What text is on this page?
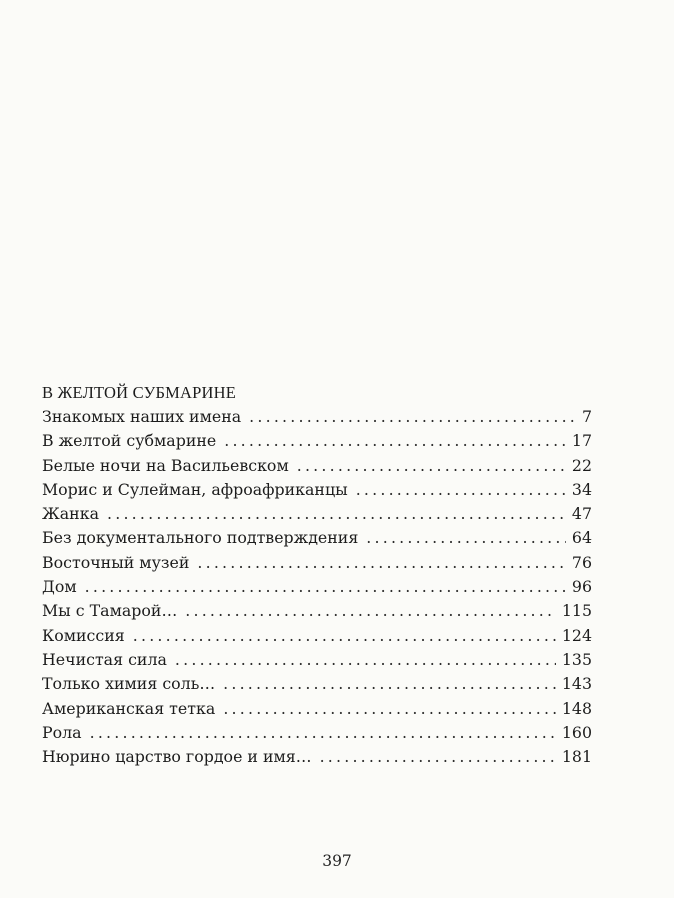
В ЖЕЛТОЙ СУБМАРИНЕ
Знакомых наших имена .....	7
В желтой субмарине .....	17
Белые ночи на Васильевском .....	22
Морис и Сулейман, афроафриканцы .....	34
Жанка .....	47
Без документального подтверждения .....	64
Восточный музей .....	76
Дом .....	96
Мы с Тамарой… .....	115
Комиссия .....	124
Нечистая сила .....	135
Только химия соль… .....	143
Американская тетка .....	148
Рола .....	160
Нюрино царство гордое и имя… .....	181
397
